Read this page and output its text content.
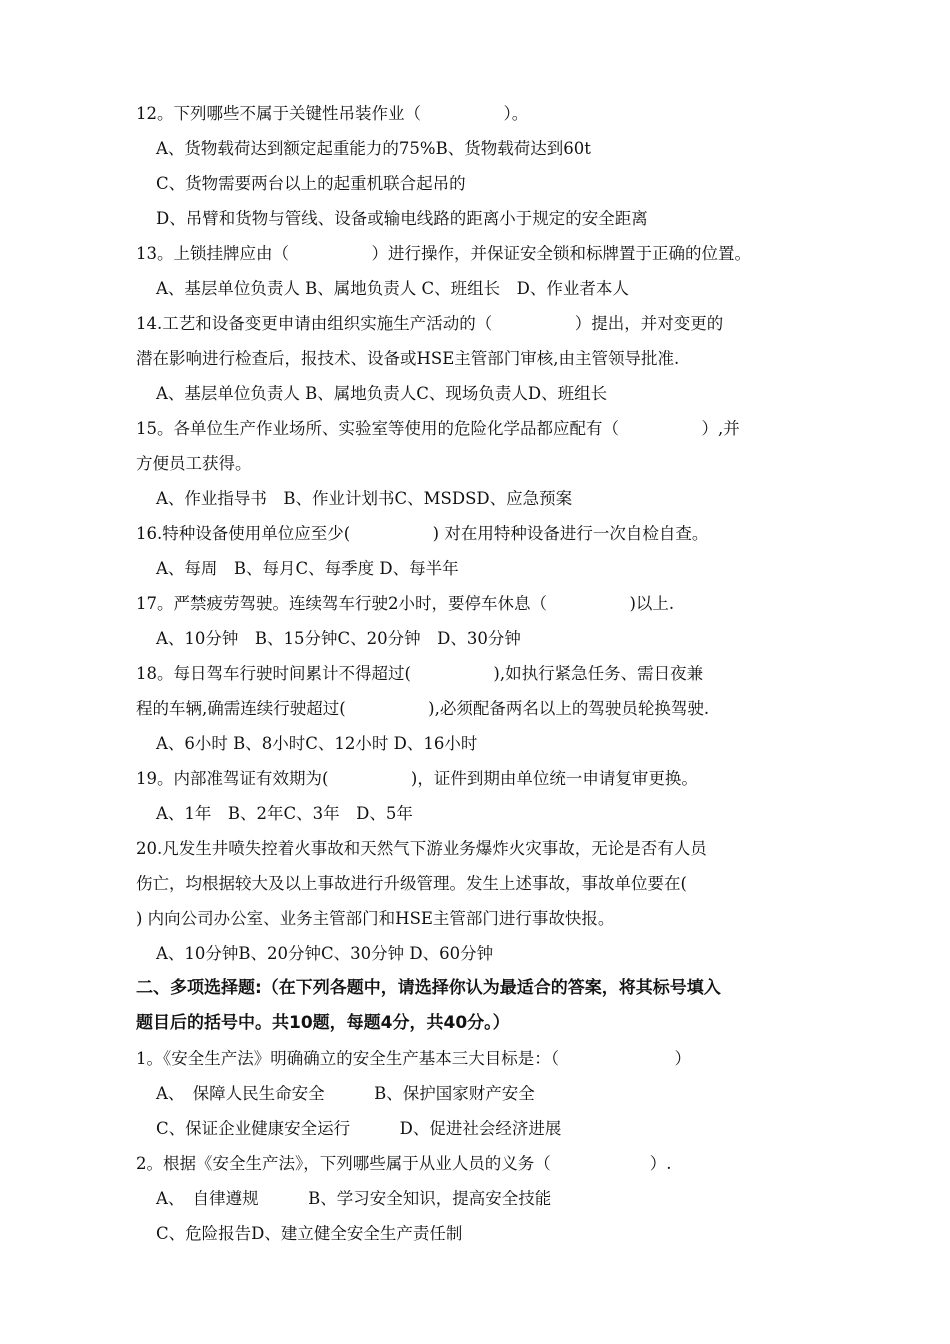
12。下列哪些不属于关键性吊装作业（　　　　　）。
A、货物载荷达到额定起重能力的75%B、货物载荷达到60t
C、货物需要两台以上的起重机联合起吊的
D、吊臂和货物与管线、设备或输电线路的距离小于规定的安全距离
13。上锁挂牌应由（　　　　　）进行操作，并保证安全锁和标牌置于正确的位置。
A、基层单位负责人 B、属地负责人 C、班组长　D、作业者本人
14.工艺和设备变更申请由组织实施生产活动的（　　　　　）提出，并对变更的
潜在影响进行检查后，报技术、设备或HSE主管部门审核,由主管领导批准.
A、基层单位负责人 B、属地负责人C、现场负责人D、班组长
15。各单位生产作业场所、实验室等使用的危险化学品都应配有（　　　　　）,并
方便员工获得。
A、作业指导书　B、作业计划书C、MSDSD、应急预案
16.特种设备使用单位应至少(　　　　　) 对在用特种设备进行一次自检自查。
A、每周　B、每月C、每季度 D、每半年
17。严禁疲劳驾驶。连续驾车行驶2小时，要停车休息（　　　　　)以上.
A、10分钟　B、15分钟C、20分钟　D、30分钟
18。每日驾车行驶时间累计不得超过(　　　　　),如执行紧急任务、需日夜兼
程的车辆,确需连续行驶超过(　　　　　),必须配备两名以上的驾驶员轮换驾驶.
A、6小时 B、8小时C、12小时 D、16小时
19。内部准驾证有效期为(　　　　　)，证件到期由单位统一申请复审更换。
A、1年　B、2年C、3年　D、5年
20.凡发生井喷失控着火事故和天然气下游业务爆炸火灾事故，无论是否有人员
伤亡，均根据较大及以上事故进行升级管理。发生上述事故，事故单位要在(
) 内向公司办公室、业务主管部门和HSE主管部门进行事故快报。
A、10分钟B、20分钟C、30分钟 D、60分钟
二、多项选择题:（在下列各题中，请选择你认为最适合的答案，将其标号填入
题目后的括号中。共10题，每题4分，共40分。）
1。《安全生产法》明确确立的安全生产基本三大目标是：（　　　　　　　）
A、　保障人民生命安全　　　B、保护国家财产安全
C、保证企业健康安全运行　　　D、促进社会经济进展
2。根据《安全生产法》，下列哪些属于从业人员的义务（　　　　　　）.
A、　自律遵规　　　B、学习安全知识，提高安全技能
C、危险报告D、建立健全安全生产责任制
